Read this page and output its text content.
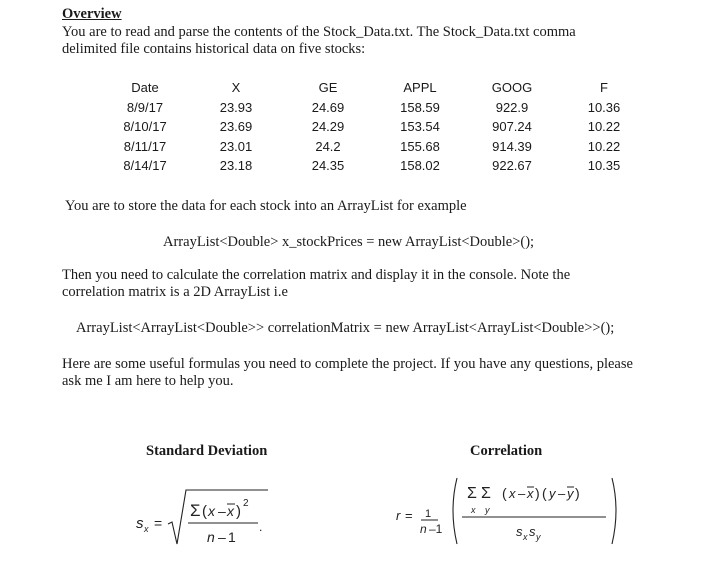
Overview
You are to read and parse the contents of the Stock_Data.txt. The Stock_Data.txt comma
delimited file contains historical data on five stocks:
Date	X	GE	APPL	GOOG	F
8/9/17	23.93	24.69	158.59	922.9	10.36
8/10/17	23.69	24.29	153.54	907.24	10.22
8/11/17	23.01	24.2	155.68	914.39	10.22
8/14/17	23.18	24.35	158.02	922.67	10.35
You are to store the data for each stock into an ArrayList for example
ArrayList<Double> x_stockPrices = new ArrayList<Double>();
Then you need to calculate the correlation matrix and display it in the console. Note the
correlation matrix is a 2D ArrayList i.e
ArrayList<ArrayList<Double>> correlationMatrix = new ArrayList<ArrayList<Double>>();
Here are some useful formulas you need to complete the project. If you have any questions, please
ask me I am here to help you.
Standard Deviation	Correlation
s x =
Σ ( x – x ) 2
n – 1
.
r = 1
n –1
Σ Σ
x y
( x – x ) ( y – y )
s x s y
